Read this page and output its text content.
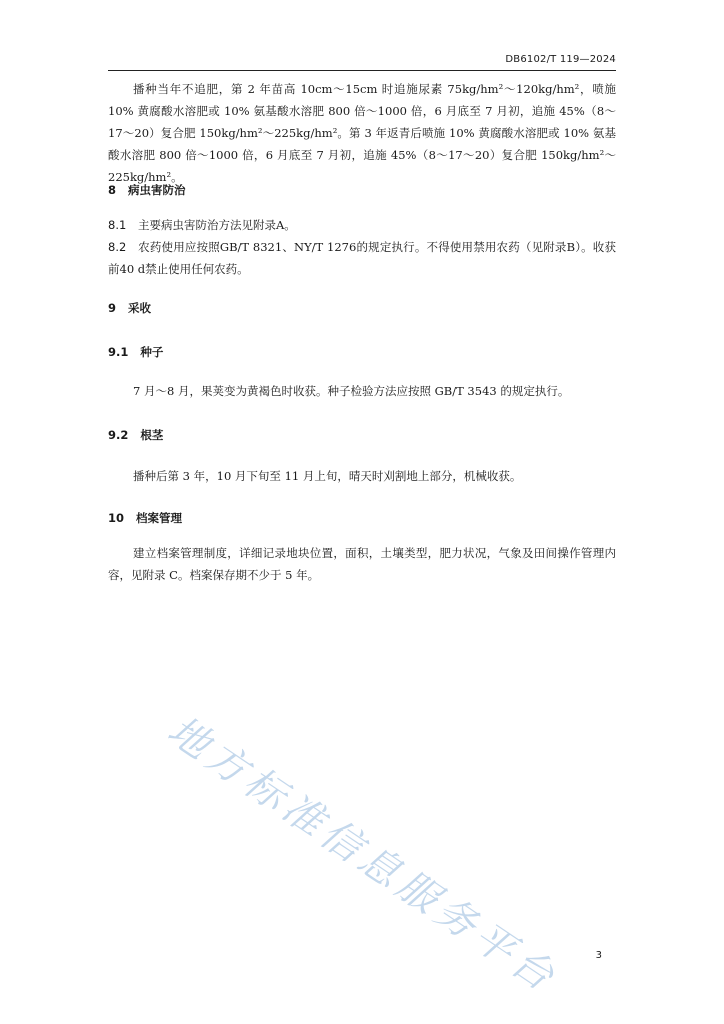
DB6102/T 119—2024

播种当年不追肥，第 2 年苗高 10cm～15cm 时追施尿素 75kg/hm²～120kg/hm²，喷施 10% 黄腐酸水溶肥或 10% 氨基酸水溶肥 800 倍～1000 倍，6 月底至 7 月初，追施 45%（8～17～20）复合肥 150kg/hm²～225kg/hm²。第 3 年返青后喷施 10% 黄腐酸水溶肥或 10% 氨基酸水溶肥 800 倍～1000 倍，6 月底至 7 月初，追施 45%（8～17～20）复合肥 150kg/hm²～225kg/hm²。

8 病虫害防治

8.1 主要病虫害防治方法见附录A。

8.2 农药使用应按照GB/T 8321、NY/T 1276的规定执行。不得使用禁用农药（见附录B）。收获前40 d禁止使用任何农药。

9 采收
9.1 种子

7 月～8 月，果荚变为黄褐色时收获。种子检验方法应按照 GB/T 3543 的规定执行。

9.2 根茎

播种后第 3 年，10 月下旬至 11 月上旬，晴天时刈割地上部分，机械收获。

10 档案管理

建立档案管理制度，详细记录地块位置，面积，土壤类型，肥力状况，气象及田间操作管理内容，见附录 C。档案保存期不少于 5 年。

地方标准信息服务平台	3
